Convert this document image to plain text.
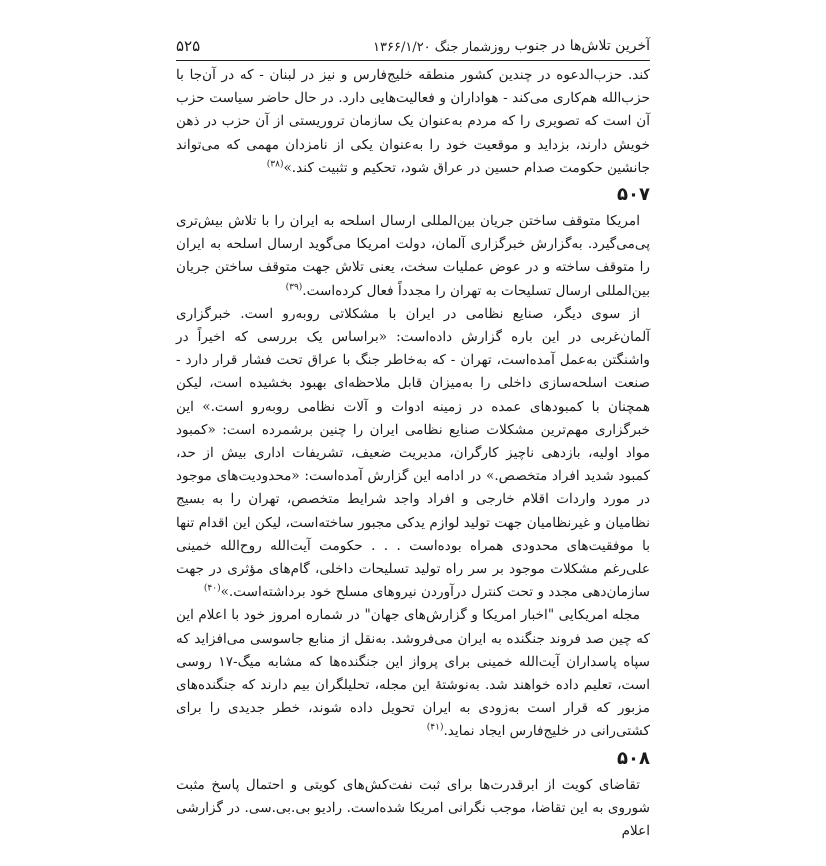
آخرین تلاش‌ها در جنوب
روزشمار جنگ ۱۳۶۶/۱/۲۰
۵۲۵

کند. حزب‌الدعوه در چندین کشور منطقه خلیج‌فارس و نیز در لبنان - که در آن‌جا با حزب‌الله هم‌کاری می‌کند - هواداران و فعالیت‌هایی دارد. در حال حاضر سیاست حزب آن است که تصویری را که مردم به‌عنوان یک سازمان تروریستی از آن حزب در ذهن خویش دارند، بزداید و موقعیت خود را به‌عنوان یکی از نامزدان مهمی که می‌تواند جانشین حکومت صدام حسین در عراق شود، تحکیم و تثبیت کند.»$^{(۳۸)}$

۵۰۷

امریکا متوقف ساختن جریان بین‌المللی ارسال اسلحه به ایران را با تلاش بیش‌تری پی‌می‌گیرد. به‌گزارش خبرگزاری آلمان، دولت امریکا می‌گوید ارسال اسلحه به ایران را متوقف ساخته و در عوض عملیات سخت، یعنی تلاش جهت متوقف ساختن جریان بین‌المللی ارسال تسلیحات به تهران را مجدداً فعال کرده‌است.$^{(۳۹)}$

از سوی دیگر، صنایع نظامی در ایران با مشکلاتی روبه‌رو است. خبرگزاری آلمان‌غربی در این باره گزارش داده‌است: «براساس یک بررسی که اخیراً در واشنگتن به‌عمل آمده‌است، تهران - که به‌خاطر جنگ با عراق تحت فشار قرار دارد - صنعت اسلحه‌سازی داخلی را به‌میزان قابل ملاحظه‌ای بهبود بخشیده است، لیکن همچنان با کمبودهای عمده در زمینه ادوات و آلات نظامی روبه‌رو است.» این خبرگزاری مهم‌ترین مشکلات صنایع نظامی ایران را چنین برشمرده است: «کمبود مواد اولیه، بازدهی ناچیز کارگران، مدیریت ضعیف، تشریفات اداری بیش از حد، کمبود شدید افراد متخصص.» در ادامه این گزارش آمده‌است: «محدودیت‌های موجود در مورد واردات اقلام خارجی و افراد واجد شرایط متخصص، تهران را به بسیج نظامیان و غیرنظامیان جهت تولید لوازم یدکی مجبور ساخته‌است، لیکن این اقدام تنها با موفقیت‌های محدودی همراه بوده‌است . . . حکومت آیت‌الله روح‌الله خمینی علی‌رغم مشکلات موجود بر سر راه تولید تسلیحات داخلی، گام‌های مؤثری در جهت سازمان‌دهی مجدد و تحت کنترل درآوردن نیروهای مسلح خود برداشته‌است.»$^{(۴۰)}$

مجله امریکایی "اخبار امریکا و گزارش‌های جهان" در شماره امروز خود با اعلام این که چین صد فروند جنگنده به ایران می‌فروشد. به‌نقل از منابع جاسوسی می‌افزاید که سپاه پاسداران آیت‌الله خمینی برای پرواز این جنگنده‌ها که مشابه میگ-۱۷ روسی است، تعلیم داده خواهند شد. به‌نوشتهٔ این مجله، تحلیلگران بیم دارند که جنگنده‌های مزبور که قرار است به‌زودی به ایران تحویل داده شوند، خطر جدیدی را برای کشتی‌رانی در خلیج‌فارس ایجاد نماید.$^{(۴۱)}$

۵۰۸

تقاضای کویت از ابرقدرت‌ها برای ثبت نفت‌کش‌های کویتی و احتمال پاسخ مثبت شوروی به این تقاضا، موجب نگرانی امریکا شده‌است. رادیو بی.بی.سی. در گزارشی اعلام
